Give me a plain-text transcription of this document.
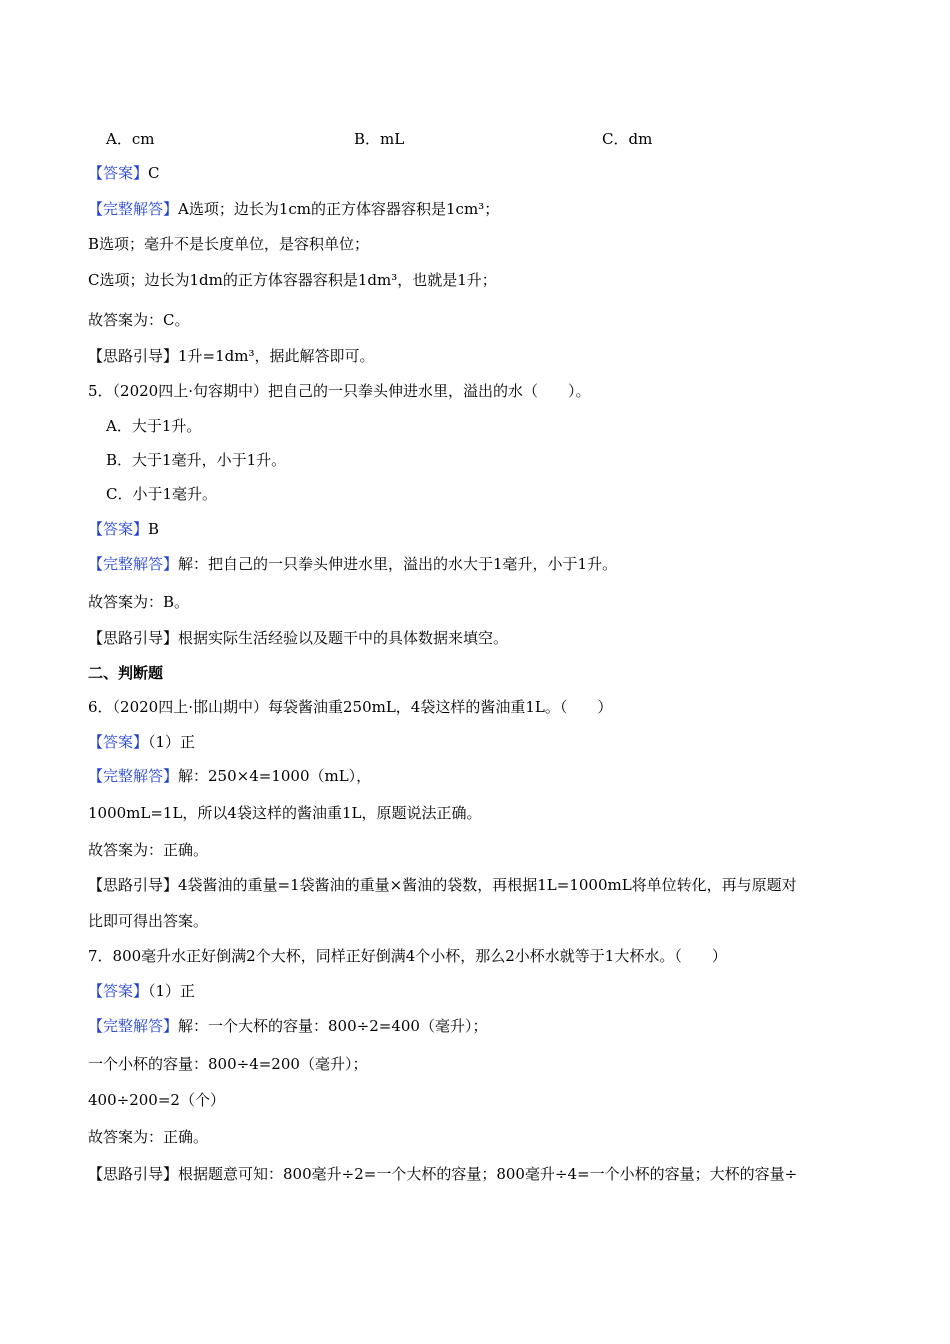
A．cm	B．mL	C．dm
【答案】C
【完整解答】A选项；边长为1cm的正方体容器容积是1cm³；
B选项；毫升不是长度单位，是容积单位；
C选项；边长为1dm的正方体容器容积是1dm³，也就是1升；
故答案为：C。
【思路引导】1升=1dm³，据此解答即可。
5．（2020四上·句容期中）把自己的一只拳头伸进水里，溢出的水（　　）。
A．大于1升。
B．大于1毫升，小于1升。
C．小于1毫升。
【答案】B
【完整解答】解：把自己的一只拳头伸进水里，溢出的水大于1毫升，小于1升。
故答案为：B。
【思路引导】根据实际生活经验以及题干中的具体数据来填空。
二、判断题
6．（2020四上·邯山期中）每袋酱油重250mL，4袋这样的酱油重1L。（　　）
【答案】（1）正
【完整解答】解：250×4=1000（mL），
1000mL=1L，所以4袋这样的酱油重1L，原题说法正确。
故答案为：正确。
【思路引导】4袋酱油的重量=1袋酱油的重量×酱油的袋数，再根据1L=1000mL将单位转化，再与原题对
比即可得出答案。
7．800毫升水正好倒满2个大杯，同样正好倒满4个小杯，那么2小杯水就等于1大杯水。（　　）
【答案】（1）正
【完整解答】解：一个大杯的容量：800÷2=400（毫升）；
一个小杯的容量：800÷4=200（毫升）；
400÷200=2（个）
故答案为：正确。
【思路引导】根据题意可知：800毫升÷2=一个大杯的容量；800毫升÷4=一个小杯的容量；大杯的容量÷
